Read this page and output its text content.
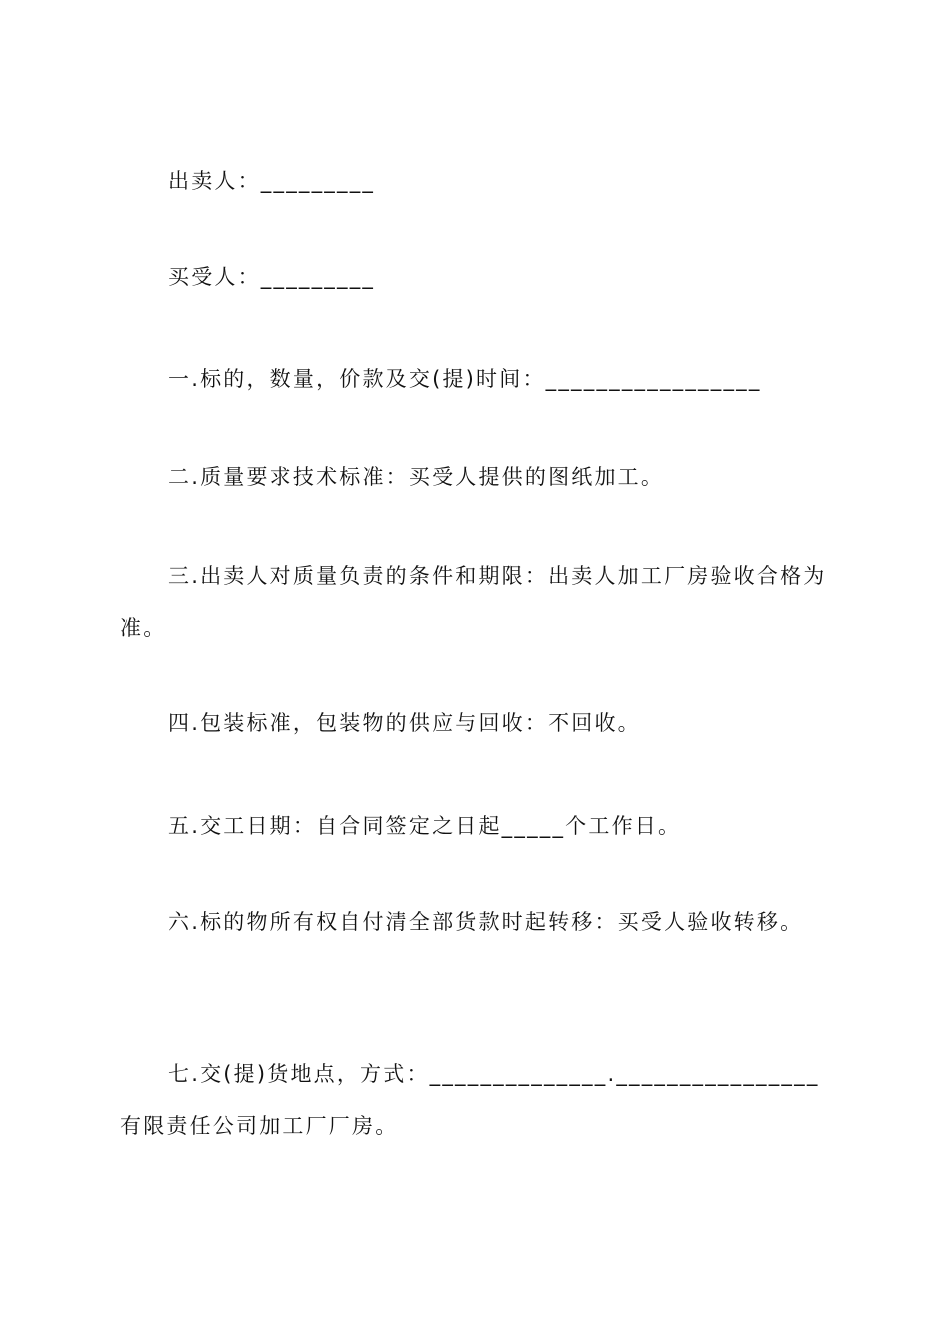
出卖人：_________

买受人：_________

一.标的，数量，价款及交(提)时间：_________________

二.质量要求技术标准：买受人提供的图纸加工。

三.出卖人对质量负责的条件和期限：出卖人加工厂房验收合格为准。

四.包装标准，包装物的供应与回收：不回收。

五.交工日期：自合同签定之日起_____个工作日。

六.标的物所有权自付清全部货款时起转移：买受人验收转移。

七.交(提)货地点，方式：______________.________________有限责任公司加工厂厂房。
